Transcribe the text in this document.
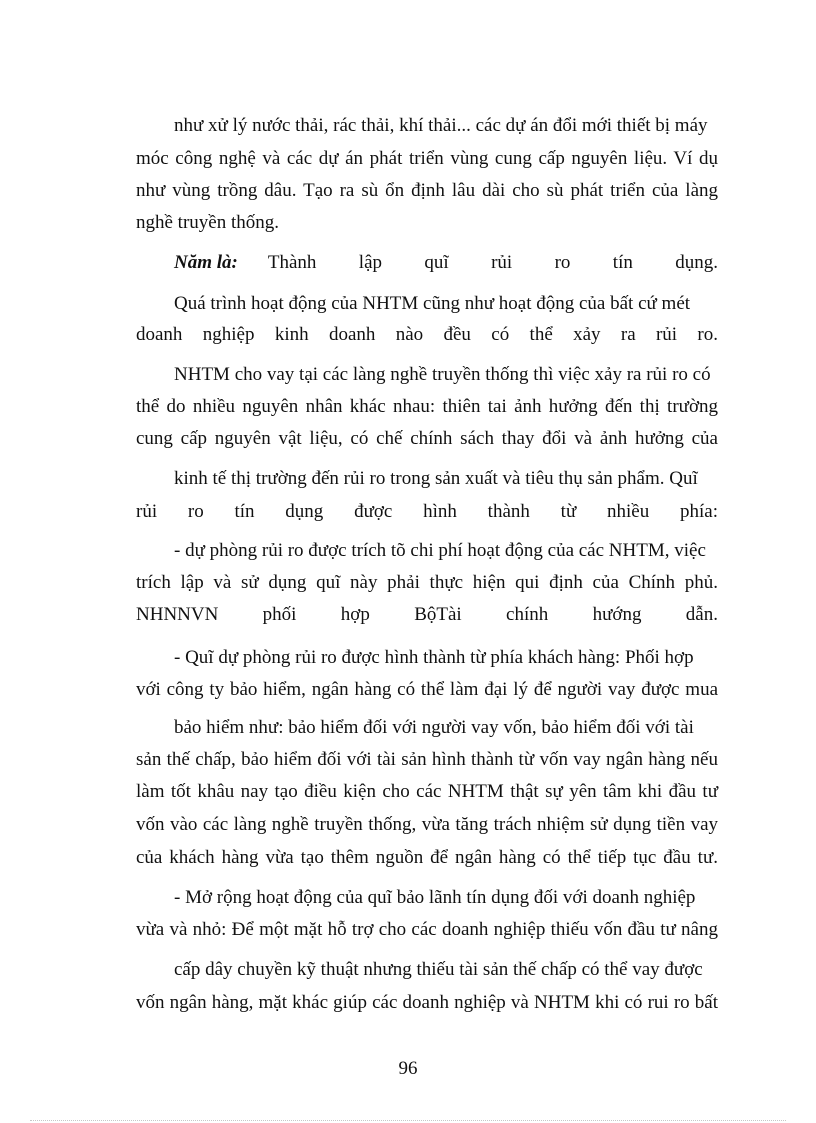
như xử lý nước thải, rác thải, khí thải... các dự án đổi mới thiết bị máy

móc công nghệ và các dự án phát triển vùng cung cấp nguyên liệu. Ví dụ

như vùng trồng dâu. Tạo ra sù ổn định lâu dài cho sù phát triển của làng

nghề truyền thống.

Năm là: Thành lập quĩ rủi ro tín dụng.

Quá trình hoạt động của NHTM cũng như hoạt động của bất cứ mét

doanh nghiệp kinh doanh nào đều có thể xảy ra rủi ro.

NHTM cho vay tại các làng nghề truyền thống thì việc xảy ra rủi ro có

thể do nhiều nguyên nhân khác nhau: thiên tai ảnh hưởng đến thị trường

cung cấp nguyên vật liệu, có chế chính sách thay đổi và ảnh hưởng của

kinh tế thị trường đến rủi ro trong sản xuất và tiêu thụ sản phẩm. Quĩ

rủi ro tín dụng được hình thành từ nhiều phía:

- dự phòng rủi ro được trích tõ chi phí hoạt động của các NHTM, việc

trích lập và sử dụng quĩ này phải thực hiện qui định của Chính phủ.

NHNNVN phối hợp BộTài chính hướng dẫn.

- Quĩ dự phòng rủi ro được hình thành từ phía khách hàng: Phối hợp

với công ty bảo hiểm, ngân hàng có thể làm đại lý để người vay được mua

bảo hiểm như: bảo hiểm đối với người vay vốn, bảo hiểm đối với tài

sản thế chấp, bảo hiểm đối với tài sản hình thành từ vốn vay ngân hàng nếu

làm tốt khâu nay tạo điều kiện cho các NHTM thật sự yên tâm khi đầu tư

vốn vào các làng nghề truyền thống, vừa tăng trách nhiệm sử dụng tiền vay

của khách hàng vừa tạo thêm nguồn để ngân hàng có thể tiếp tục đầu tư.

- Mở rộng hoạt động của quĩ bảo lãnh tín dụng đối với doanh nghiệp

vừa và nhỏ: Để một mặt hỗ trợ cho các doanh nghiệp thiếu vốn đầu tư nâng

cấp dây chuyền kỹ thuật nhưng thiếu tài sản thế chấp có thể vay được

vốn ngân hàng, mặt khác giúp các doanh nghiệp và NHTM khi có rui ro bất

96
